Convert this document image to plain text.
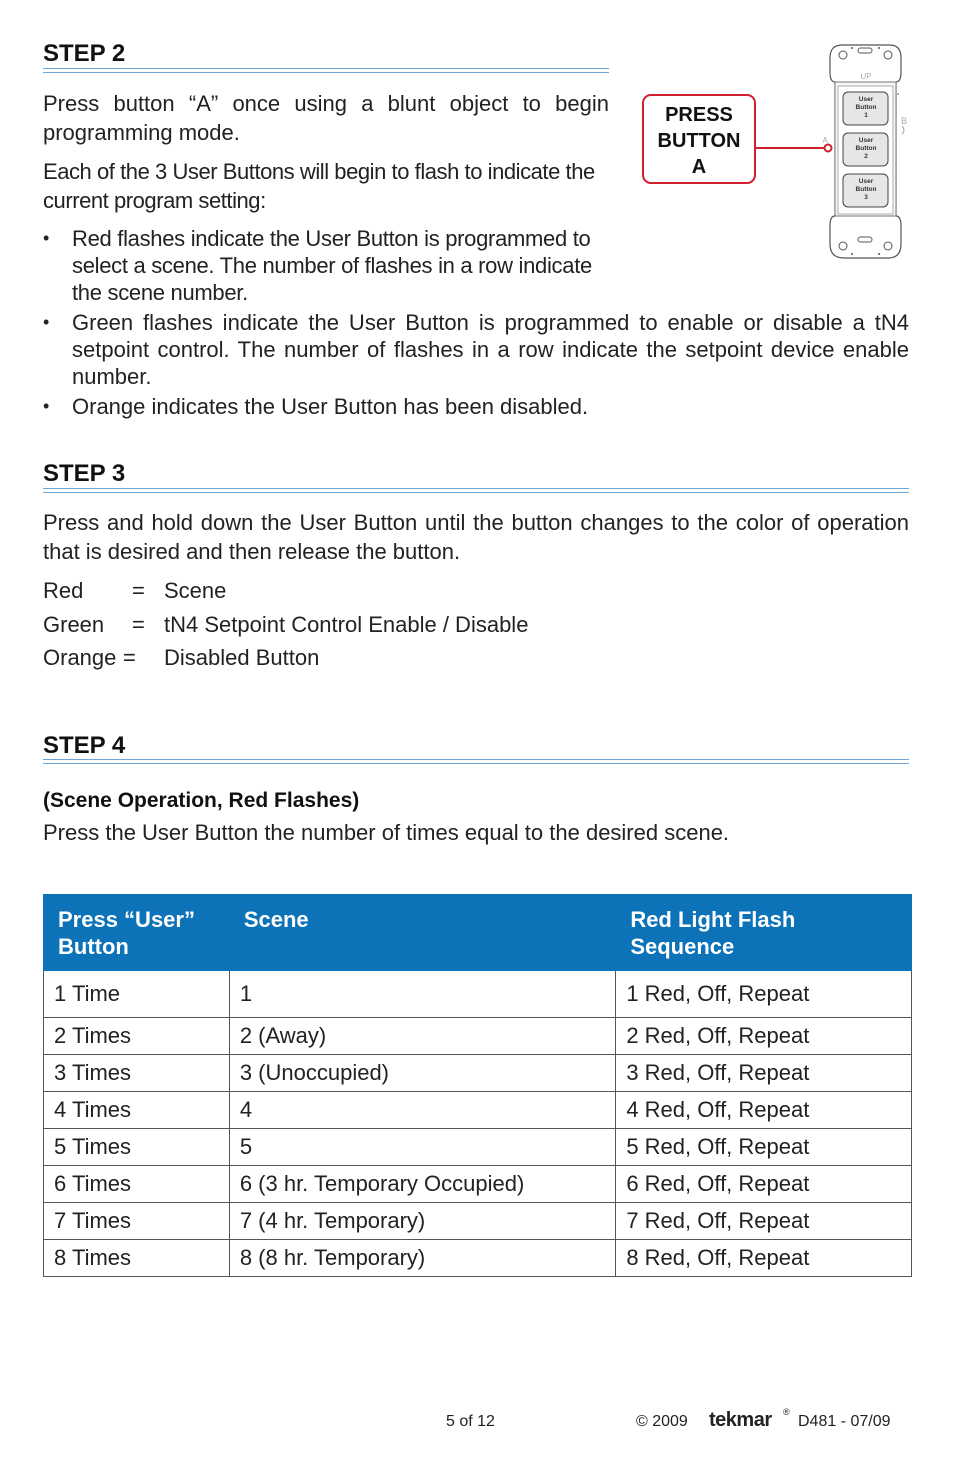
STEP 2
Press button “A” once using a blunt object to begin programming mode.
Each of the 3 User Buttons will begin to flash to indicate the current program setting:
• Red flashes indicate the User Button is programmed to select a scene. The number of flashes in a row indicate the scene number.
• Green flashes indicate the User Button is programmed to enable or disable a tN4 setpoint control. The number of flashes in a row indicate the setpoint device enable number.
• Orange indicates the User Button has been disabled.
PRESS
BUTTON
A
UP
A
B
User
Button
1
User
Button
2
User
Button
3
STEP 3
Press and hold down the User Button until the button changes to the color of operation that is desired and then release the button.
Red = Scene
Green = tN4 Setpoint Control Enable / Disable
Orange = Disabled Button
STEP 4
(Scene Operation, Red Flashes)
Press the User Button the number of times equal to the desired scene.
Press “User” Button	Scene	Red Light Flash Sequence
1 Time	1	1 Red, Off, Repeat
2 Times	2 (Away)	2 Red, Off, Repeat
3 Times	3 (Unoccupied)	3 Red, Off, Repeat
4 Times	4	4 Red, Off, Repeat
5 Times	5	5 Red, Off, Repeat
6 Times	6 (3 hr. Temporary Occupied)	6 Red, Off, Repeat
7 Times	7 (4 hr. Temporary)	7 Red, Off, Repeat
8 Times	8 (8 hr. Temporary)	8 Red, Off, Repeat
5 of 12	© 2009 tekmar ®
D481 - 07/09
